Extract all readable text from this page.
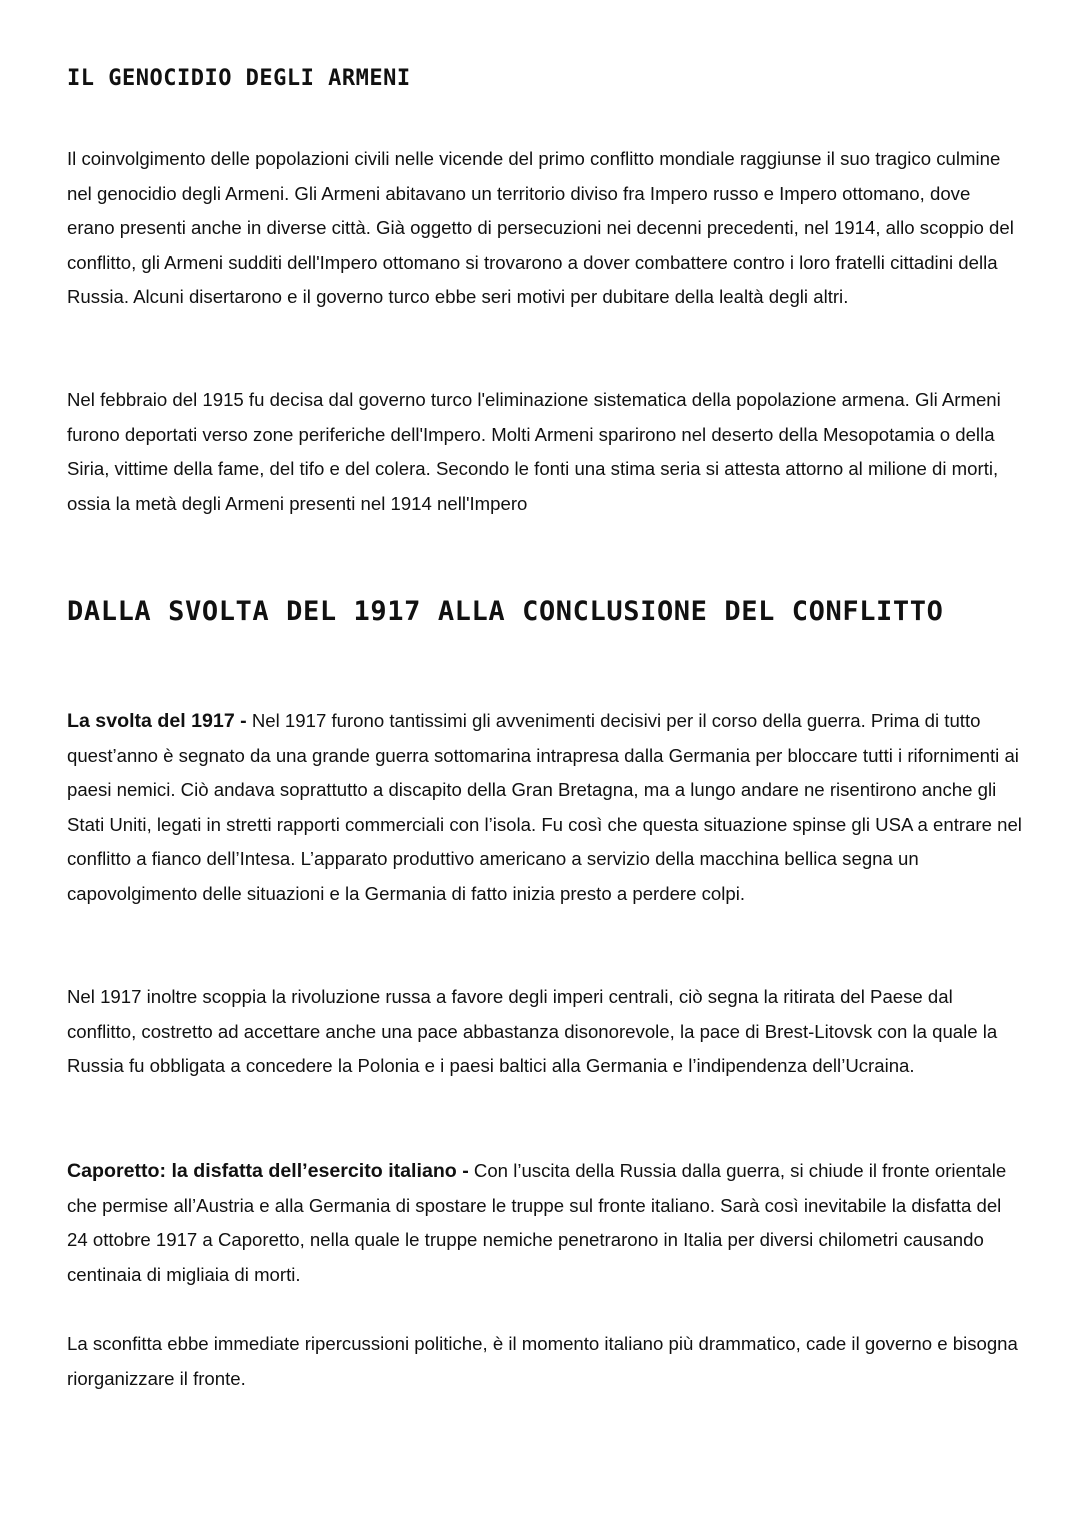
IL GENOCIDIO DEGLI ARMENI

Il coinvolgimento delle popolazioni civili nelle vicende del primo conflitto mondiale raggiunse il suo tragico culmine nel genocidio degli Armeni. Gli Armeni abitavano un territorio diviso fra Impero russo e Impero ottomano, dove erano presenti anche in diverse città. Già oggetto di persecuzioni nei decenni precedenti, nel 1914, allo scoppio del conflitto, gli Armeni sudditi dell'Impero ottomano si trovarono a dover combattere contro i loro fratelli cittadini della Russia. Alcuni disertarono e il governo turco ebbe seri motivi per dubitare della lealtà degli altri.

Nel febbraio del 1915 fu decisa dal governo turco l'eliminazione sistematica della popolazione armena. Gli Armeni furono deportati verso zone periferiche dell'Impero. Molti Armeni sparirono nel deserto della Mesopotamia o della Siria, vittime della fame, del tifo e del colera. Secondo le fonti una stima seria si attesta attorno al milione di morti, ossia la metà degli Armeni presenti nel 1914 nell'Impero

DALLA SVOLTA DEL 1917 ALLA CONCLUSIONE DEL CONFLITTO

La svolta del 1917 - Nel 1917 furono tantissimi gli avvenimenti decisivi per il corso della guerra. Prima di tutto quest’anno è segnato da una grande guerra sottomarina intrapresa dalla Germania per bloccare tutti i rifornimenti ai paesi nemici. Ciò andava soprattutto a discapito della Gran Bretagna, ma a lungo andare ne risentirono anche gli Stati Uniti, legati in stretti rapporti commerciali con l’isola. Fu così che questa situazione spinse gli USA a entrare nel conflitto a fianco dell’Intesa. L’apparato produttivo americano a servizio della macchina bellica segna un capovolgimento delle situazioni e la Germania di fatto inizia presto a perdere colpi.

Nel 1917 inoltre scoppia la rivoluzione russa a favore degli imperi centrali, ciò segna la ritirata del Paese dal conflitto, costretto ad accettare anche una pace abbastanza disonorevole, la pace di Brest-Litovsk con la quale la Russia fu obbligata a concedere la Polonia e i paesi baltici alla Germania e l’indipendenza dell’Ucraina.

Caporetto: la disfatta dell’esercito italiano - Con l’uscita della Russia dalla guerra, si chiude il fronte orientale che permise all’Austria e alla Germania di spostare le truppe sul fronte italiano. Sarà così inevitabile la disfatta del 24 ottobre 1917 a Caporetto, nella quale le truppe nemiche penetrarono in Italia per diversi chilometri causando centinaia di migliaia di morti.

La sconfitta ebbe immediate ripercussioni politiche, è il momento italiano più drammatico, cade il governo e bisogna riorganizzare il fronte.
